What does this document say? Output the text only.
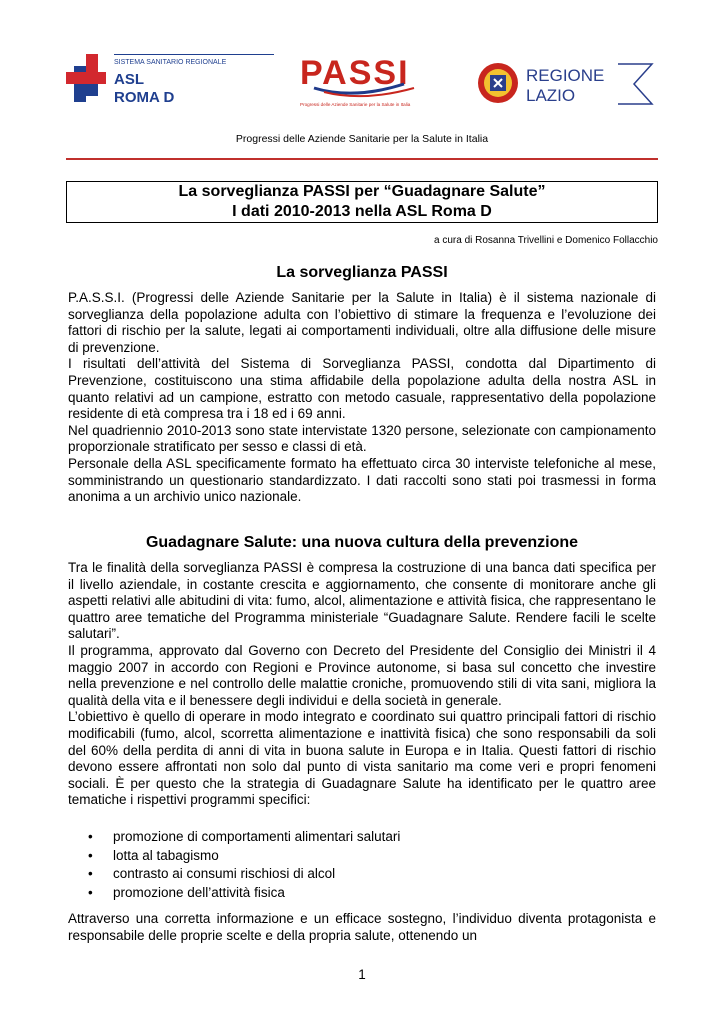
SISTEMA SANITARIO REGIONALE
ASL
ROMA D
PASSI
Progressi delle Aziende Sanitarie per la Salute in Italia
REGIONE
LAZIO
Progressi delle Aziende Sanitarie per la Salute in Italia
La sorveglianza PASSI per “Guadagnare Salute”
I dati 2010-2013 nella ASL Roma D
a cura di Rosanna Trivellini e Domenico Follacchio
La sorveglianza PASSI

P.A.S.S.I. (Progressi delle Aziende Sanitarie per la Salute in Italia) è il sistema nazionale di sorveglianza della popolazione adulta con l’obiettivo di stimare la frequenza e l’evoluzione dei fattori di rischio per la salute, legati ai comportamenti individuali, oltre alla diffusione delle misure di prevenzione.

I risultati dell’attività del Sistema di Sorveglianza PASSI, condotta dal Dipartimento di Prevenzione, costituiscono una stima affidabile della popolazione adulta della nostra ASL in quanto relativi ad un campione, estratto con metodo casuale, rappresentativo della popolazione residente di età compresa tra i 18 ed i 69 anni.

Nel quadriennio 2010-2013 sono state intervistate 1320 persone, selezionate con campionamento proporzionale stratificato per sesso e classi di età.

Personale della ASL specificamente formato ha effettuato circa 30 interviste telefoniche al mese, somministrando un questionario standardizzato. I dati raccolti sono stati poi trasmessi in forma anonima a un archivio unico nazionale.

Guadagnare Salute: una nuova cultura della prevenzione

Tra le finalità della sorveglianza PASSI è compresa la costruzione di una banca dati specifica per il livello aziendale, in costante crescita e aggiornamento, che consente di monitorare anche gli aspetti relativi alle abitudini di vita: fumo, alcol, alimentazione e attività fisica, che rappresentano le quattro aree tematiche del Programma ministeriale “Guadagnare Salute. Rendere facili le scelte salutari”.

Il programma, approvato dal Governo con Decreto del Presidente del Consiglio dei Ministri il 4 maggio 2007 in accordo con Regioni e Province autonome, si basa sul concetto che investire nella prevenzione e nel controllo delle malattie croniche, promuovendo stili di vita sani, migliora la qualità della vita e il benessere degli individui e della società in generale.

L’obiettivo è quello di operare in modo integrato e coordinato sui quattro principali fattori di rischio modificabili (fumo, alcol, scorretta alimentazione e inattività fisica) che sono responsabili da soli del 60% della perdita di anni di vita in buona salute in Europa e in Italia. Questi fattori di rischio devono essere affrontati non solo dal punto di vista sanitario ma come veri e propri fenomeni sociali. È per questo che la strategia di Guadagnare Salute ha identificato per le quattro aree tematiche i rispettivi programmi specifici:

• promozione di comportamenti alimentari salutari
• lotta al tabagismo
• contrasto ai consumi rischiosi di alcol
• promozione dell’attività fisica
Attraverso una corretta informazione e un efficace sostegno, l’individuo diventa protagonista e responsabile delle proprie scelte e della propria salute, ottenendo un
1
